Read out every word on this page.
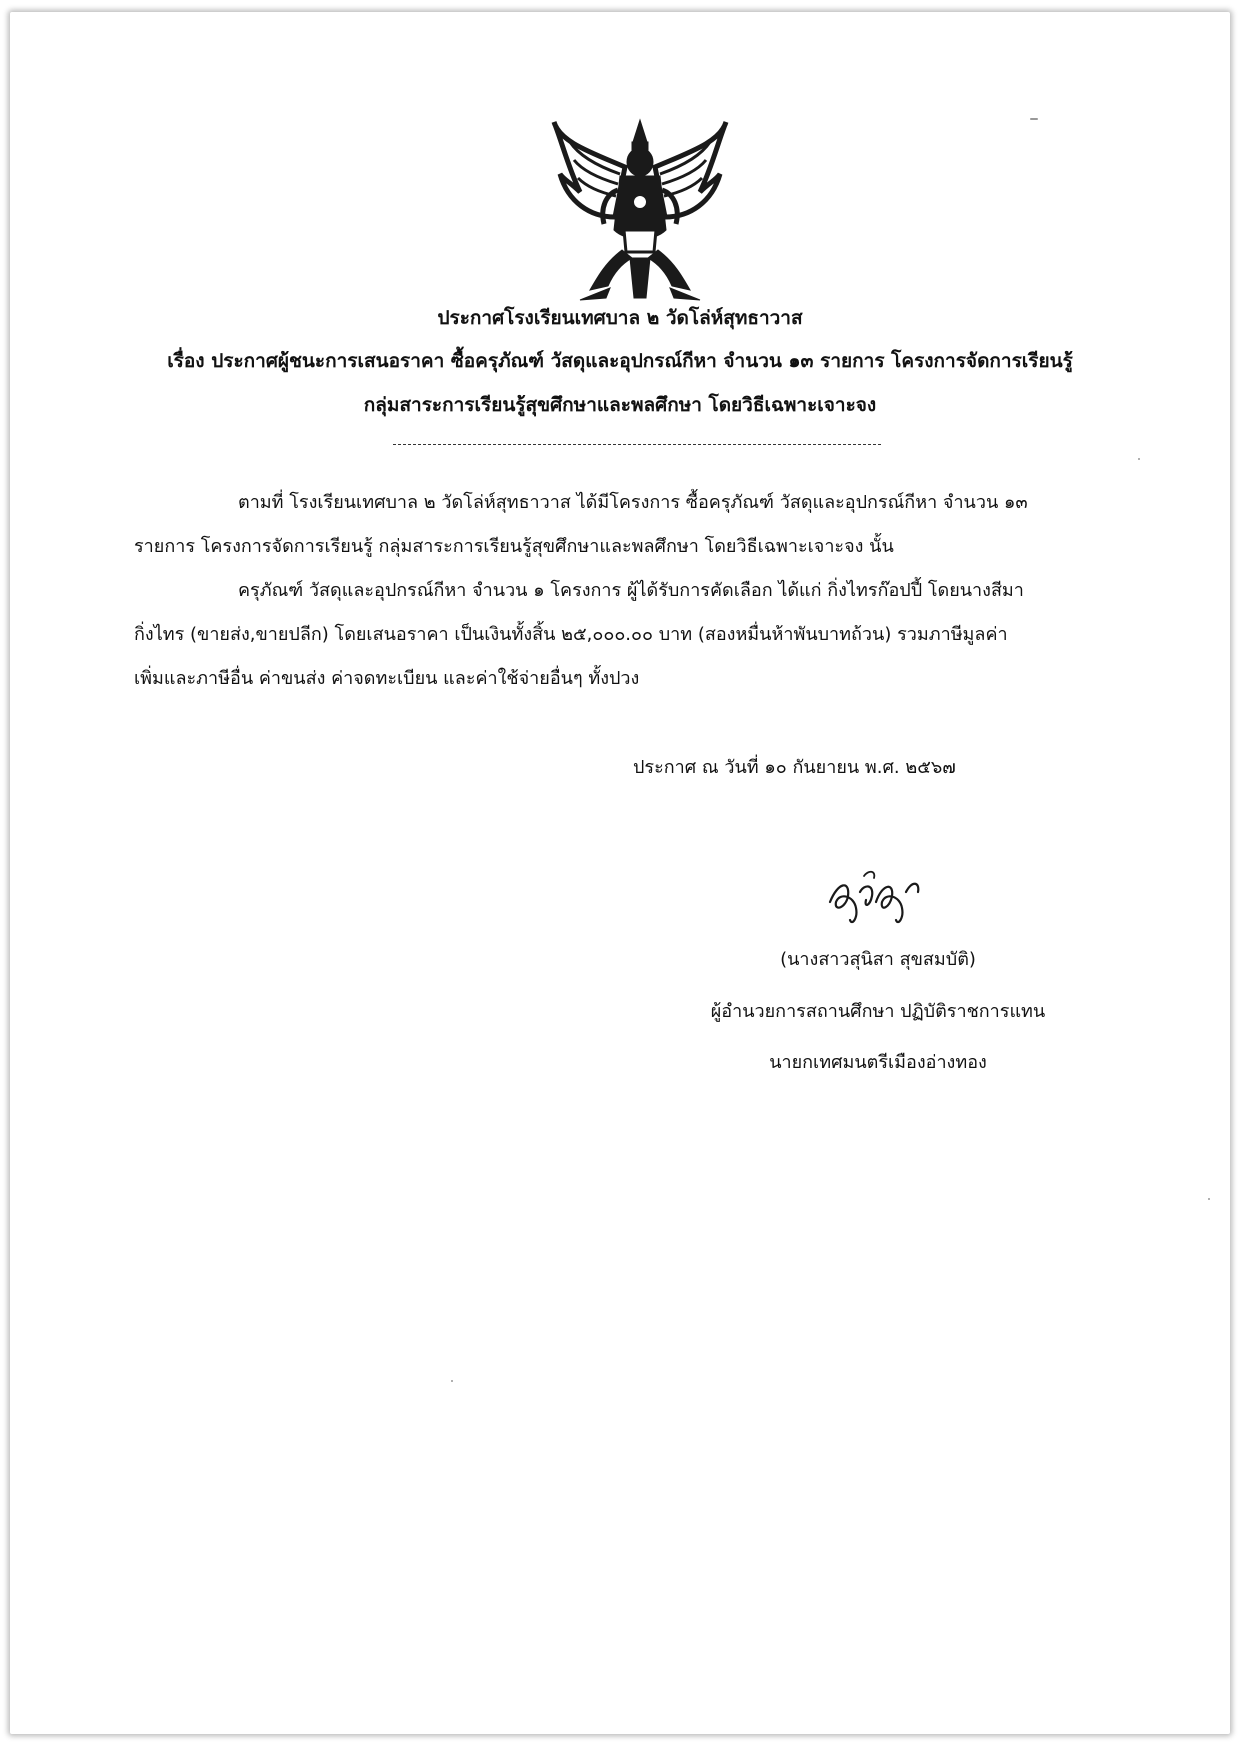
ประกาศโรงเรียนเทศบาล ๒ วัดโล่ห์สุทธาวาส
เรื่อง ประกาศผู้ชนะการเสนอราคา ซื้อครุภัณฑ์ วัสดุและอุปกรณ์กีหา จำนวน ๑๓ รายการ โครงการจัดการเรียนรู้
กลุ่มสาระการเรียนรู้สุขศึกษาและพลศึกษา โดยวิธีเฉพาะเจาะจง
ตามที่ โรงเรียนเทศบาล ๒ วัดโล่ห์สุทธาวาส ได้มีโครงการ ซื้อครุภัณฑ์ วัสดุและอุปกรณ์กีหา จำนวน ๑๓
รายการ โครงการจัดการเรียนรู้ กลุ่มสาระการเรียนรู้สุขศึกษาและพลศึกษา โดยวิธีเฉพาะเจาะจง นั้น
ครุภัณฑ์ วัสดุและอุปกรณ์กีหา จำนวน ๑ โครงการ ผู้ได้รับการคัดเลือก ได้แก่ กิ่งไทรก๊อปปี้ โดยนางสีมา
กิ่งไทร (ขายส่ง,ขายปลีก) โดยเสนอราคา เป็นเงินทั้งสิ้น ๒๕,๐๐๐.๐๐ บาท (สองหมื่นห้าพันบาทถ้วน) รวมภาษีมูลค่า
เพิ่มและภาษีอื่น ค่าขนส่ง ค่าจดทะเบียน และค่าใช้จ่ายอื่นๆ ทั้งปวง
ประกาศ ณ วันที่ ๑๐ กันยายน พ.ศ. ๒๕๖๗
(นางสาวสุนิสา สุขสมบัติ)
ผู้อำนวยการสถานศึกษา ปฏิบัติราชการแทน
นายกเทศมนตรีเมืองอ่างทอง
